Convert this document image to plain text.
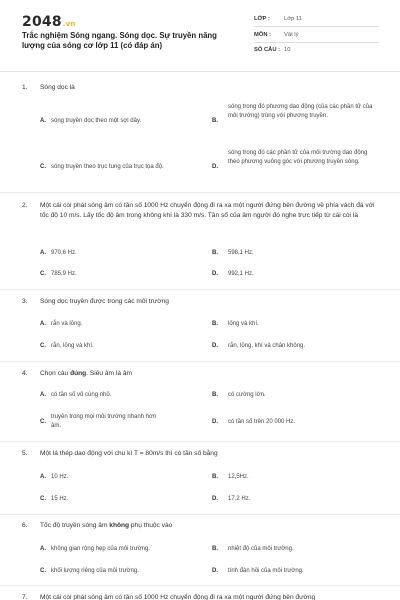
2048.vn
Trắc nghiệm Sóng ngang. Sóng dọc. Sự truyền năng lượng của sóng cơ lớp 11 (có đáp án)
LỚP : Lớp 11
MÔN : Vật lý
SỐ CÂU : 10
1. Sóng dọc là
A. sóng truyền dọc theo một sợi dây.	B.
sóng trong đó phương dao động (của các phần tử của môi trường) trùng với phương truyền.
C. sóng truyền theo trục tung của trục tọa độ.	D.
sóng trong đó các phần tử của môi trường dao động theo phương vuông góc với phương truyền sóng.
2. Một cái còi phát sóng âm có tần số 1000 Hz chuyển động đi ra xa một người đứng bên đường về phía vách đá với tốc độ 10 m/s. Lấy tốc độ âm trong không khí là 330 m/s. Tần số của âm người đó nghe trực tiếp từ cái còi là
A. 970,6 Hz.	B. 598,1 Hz.
C. 785,9 Hz.	D. 992,1 Hz.
3. Sóng dọc truyền được trong các môi trường
A. rắn và lỏng.	B. lỏng và khí.
C. rắn, lỏng và khí.	D. rắn, lỏng, khí và chân không.
4. Chọn câu đúng. Siêu âm là âm
A. có tần số vô cùng nhỏ.	B. có cường lớn.
C.
truyền trong mọi môi trường nhanh hơn âm.
D. có tần số trên 20 000 Hz.
5. Một lá thép dao động với chu kì T = 80m/s thì có tần số bằng
A. 10 Hz.	B. 12,5Hz.
C. 15 Hz.	D. 17,2 Hz.
6. Tốc độ truyền sóng âm không phụ thuộc vào
A. không gian rộng hẹp của môi trường.	B. nhiệt độ của môi trường.
C. khối lượng riêng của môi trường.	D. tính đàn hồi của môi trường.
7. Một cái còi phát sóng âm có tần số 1000 Hz chuyển động đi ra xa một người đứng bên đường
